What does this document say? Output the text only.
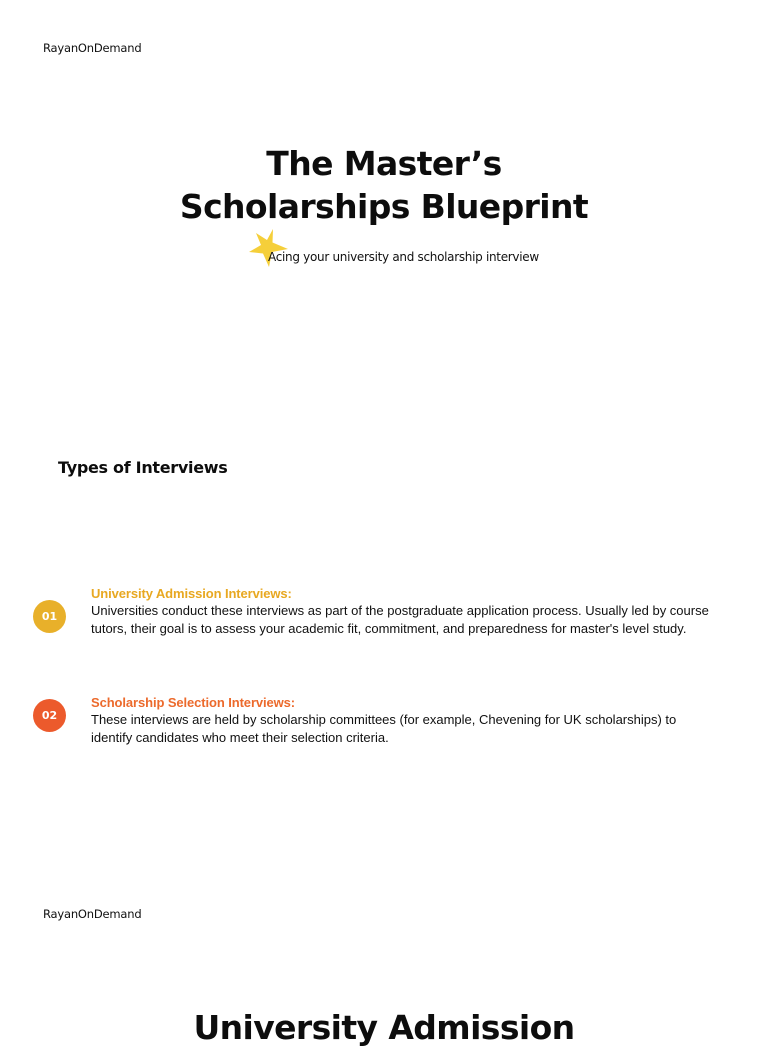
RayanOnDemand
The Master’s
Scholarships Blueprint
Acing your university and scholarship interview
Types of Interviews
01
University Admission Interviews:

Universities conduct these interviews as part of the postgraduate application process. Usually led by course tutors, their goal is to assess your academic fit, commitment, and preparedness for master's level study.

02
Scholarship Selection Interviews:

These interviews are held by scholarship committees (for example, Chevening for UK scholarships) to identify candidates who meet their selection criteria.

RayanOnDemand
University Admission
